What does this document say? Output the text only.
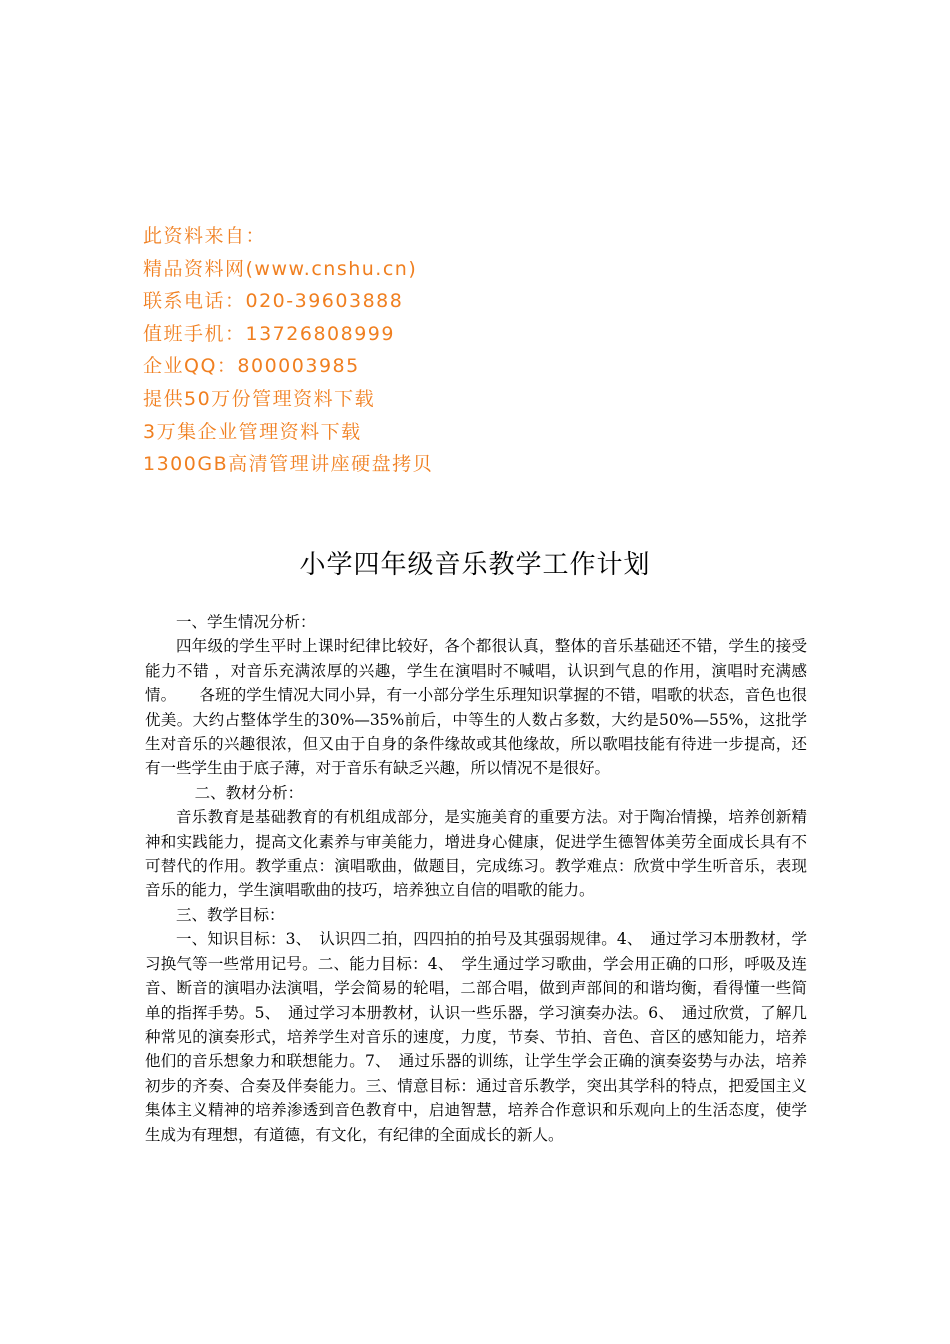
此资料来自：
精品资料网(www.cnshu.cn)
联系电话：020-39603888
值班手机：13726808999
企业QQ：800003985
提供50万份管理资料下载
3万集企业管理资料下载
1300GB高清管理讲座硬盘拷贝
小学四年级音乐教学工作计划

一、学生情况分析：

四年级的学生平时上课时纪律比较好，各个都很认真，整体的音乐基础还不错，学生的接受能力不错 ，对音乐充满浓厚的兴趣，学生在演唱时不喊唱，认识到气息的作用，演唱时充满感情。　　各班的学生情况大同小异，有一小部分学生乐理知识掌握的不错，唱歌的状态，音色也很优美。大约占整体学生的30%—35%前后，中等生的人数占多数，大约是50%—55%，这批学生对音乐的兴趣很浓，但又由于自身的条件缘故或其他缘故，所以歌唱技能有待进一步提高，还有一些学生由于底子薄，对于音乐有缺乏兴趣，所以情况不是很好。

二、教材分析：

音乐教育是基础教育的有机组成部分，是实施美育的重要方法。对于陶冶情操，培养创新精神和实践能力，提高文化素养与审美能力，增进身心健康，促进学生德智体美劳全面成长具有不可替代的作用。教学重点：演唱歌曲，做题目，完成练习。教学难点：欣赏中学生听音乐，表现音乐的能力，学生演唱歌曲的技巧，培养独立自信的唱歌的能力。

三、教学目标：

一、知识目标：3、　认识四二拍，四四拍的拍号及其强弱规律。4、　通过学习本册教材，学习换气等一些常用记号。二、能力目标：4、　学生通过学习歌曲，学会用正确的口形，呼吸及连音、断音的演唱办法演唱，学会简易的轮唱，二部合唱，做到声部间的和谐均衡，看得懂一些简单的指挥手势。5、　通过学习本册教材，认识一些乐器，学习演奏办法。6、　通过欣赏，了解几种常见的演奏形式，培养学生对音乐的速度，力度，节奏、节拍、音色、音区的感知能力，培养他们的音乐想象力和联想能力。7、　通过乐器的训练，让学生学会正确的演奏姿势与办法，培养初步的齐奏、合奏及伴奏能力。三、情意目标：通过音乐教学，突出其学科的特点，把爱国主义集体主义精神的培养渗透到音色教育中，启迪智慧，培养合作意识和乐观向上的生活态度，使学生成为有理想，有道德，有文化，有纪律的全面成长的新人。
